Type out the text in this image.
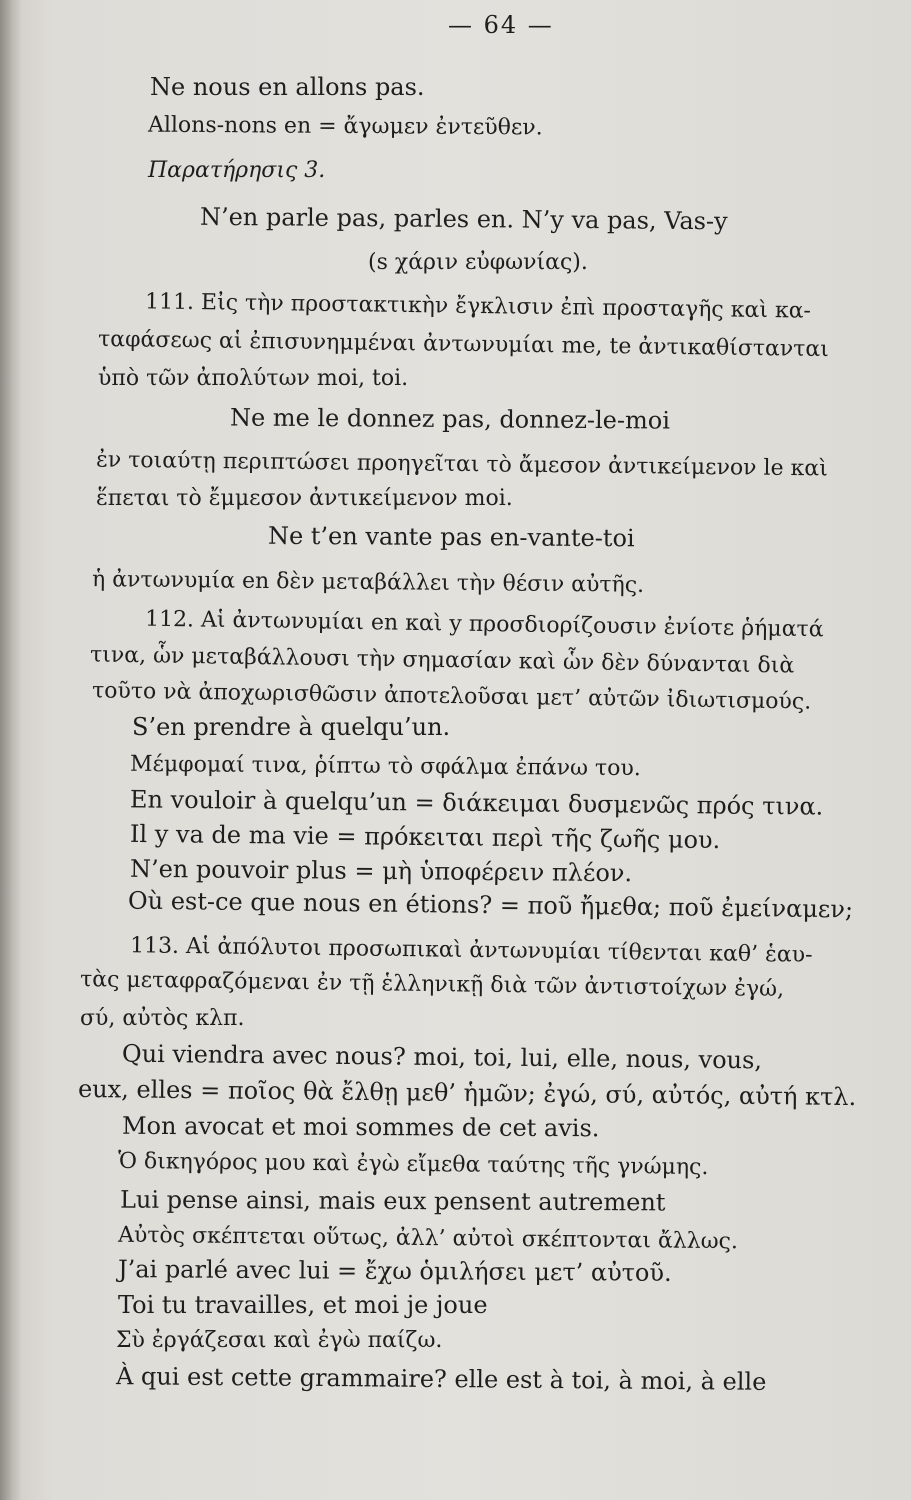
— 64 —
Ne nous en allons pas.
Allons-nons en = ἄγωμεν ἐντεῦθεν.
Παρατήρησις 3.
N’en parle pas, parles en. N’y va pas, Vas-y
(s χάριν εὐφωνίας).
111. Εἰς τὴν προστακτικὴν ἔγκλισιν ἐπὶ προσταγῆς καὶ κα-
ταφάσεως αἱ ἐπισυνημμέναι ἀντωνυμίαι me, te ἀντικαθίστανται
ὑπὸ τῶν ἀπολύτων moi, toi.
Ne me le donnez pas, donnez-le-moi
ἐν τοιαύτῃ περιπτώσει προηγεῖται τὸ ἄμεσον ἀντικείμενον le καὶ
ἕπεται τὸ ἔμμεσον ἀντικείμενον moi.
Ne t’en vante pas en-vante-toi
ἡ ἀντωνυμία en δὲν μεταβάλλει τὴν θέσιν αὐτῆς.
112. Αἱ ἀντωνυμίαι en καὶ y προσδιορίζουσιν ἐνίοτε ῥήματά
τινα, ὧν μεταβάλλουσι τὴν σημασίαν καὶ ὧν δὲν δύνανται διὰ
τοῦτο νὰ ἀποχωρισθῶσιν ἀποτελοῦσαι μετ’ αὐτῶν ἰδιωτισμούς.
S’en prendre à quelqu’un.
Μέμφομαί τινα, ῥίπτω τὸ σφάλμα ἐπάνω του.
En vouloir à quelqu’un = διάκειμαι δυσμενῶς πρός τινα.
Il y va de ma vie = πρόκειται περὶ τῆς ζωῆς μου.
N’en pouvoir plus = μὴ ὑποφέρειν πλέον.
Où est-ce que nous en étions? = ποῦ ἤμεθα; ποῦ ἐμείναμεν;
113. Αἱ ἀπόλυτοι προσωπικαὶ ἀντωνυμίαι τίθενται καθ’ ἑαυ-
τὰς μεταφραζόμεναι ἐν τῇ ἑλληνικῇ διὰ τῶν ἀντιστοίχων ἐγώ,
σύ, αὐτὸς κλπ.
Qui viendra avec nous? moi, toi, lui, elle, nous, vous,
eux, elles = ποῖος θὰ ἔλθῃ μεθ’ ἡμῶν; ἐγώ, σύ, αὐτός, αὐτή κτλ.
Mon avocat et moi sommes de cet avis.
Ὁ δικηγόρος μου καὶ ἐγὼ εἴμεθα ταύτης τῆς γνώμης.
Lui pense ainsi, mais eux pensent autrement
Αὐτὸς σκέπτεται οὕτως, ἀλλ’ αὐτοὶ σκέπτονται ἄλλως.
J’ai parlé avec lui = ἔχω ὁμιλήσει μετ’ αὐτοῦ.
Toi tu travailles, et moi je joue
Σὺ ἐργάζεσαι καὶ ἐγὼ παίζω.
À qui est cette grammaire? elle est à toi, à moi, à elle
